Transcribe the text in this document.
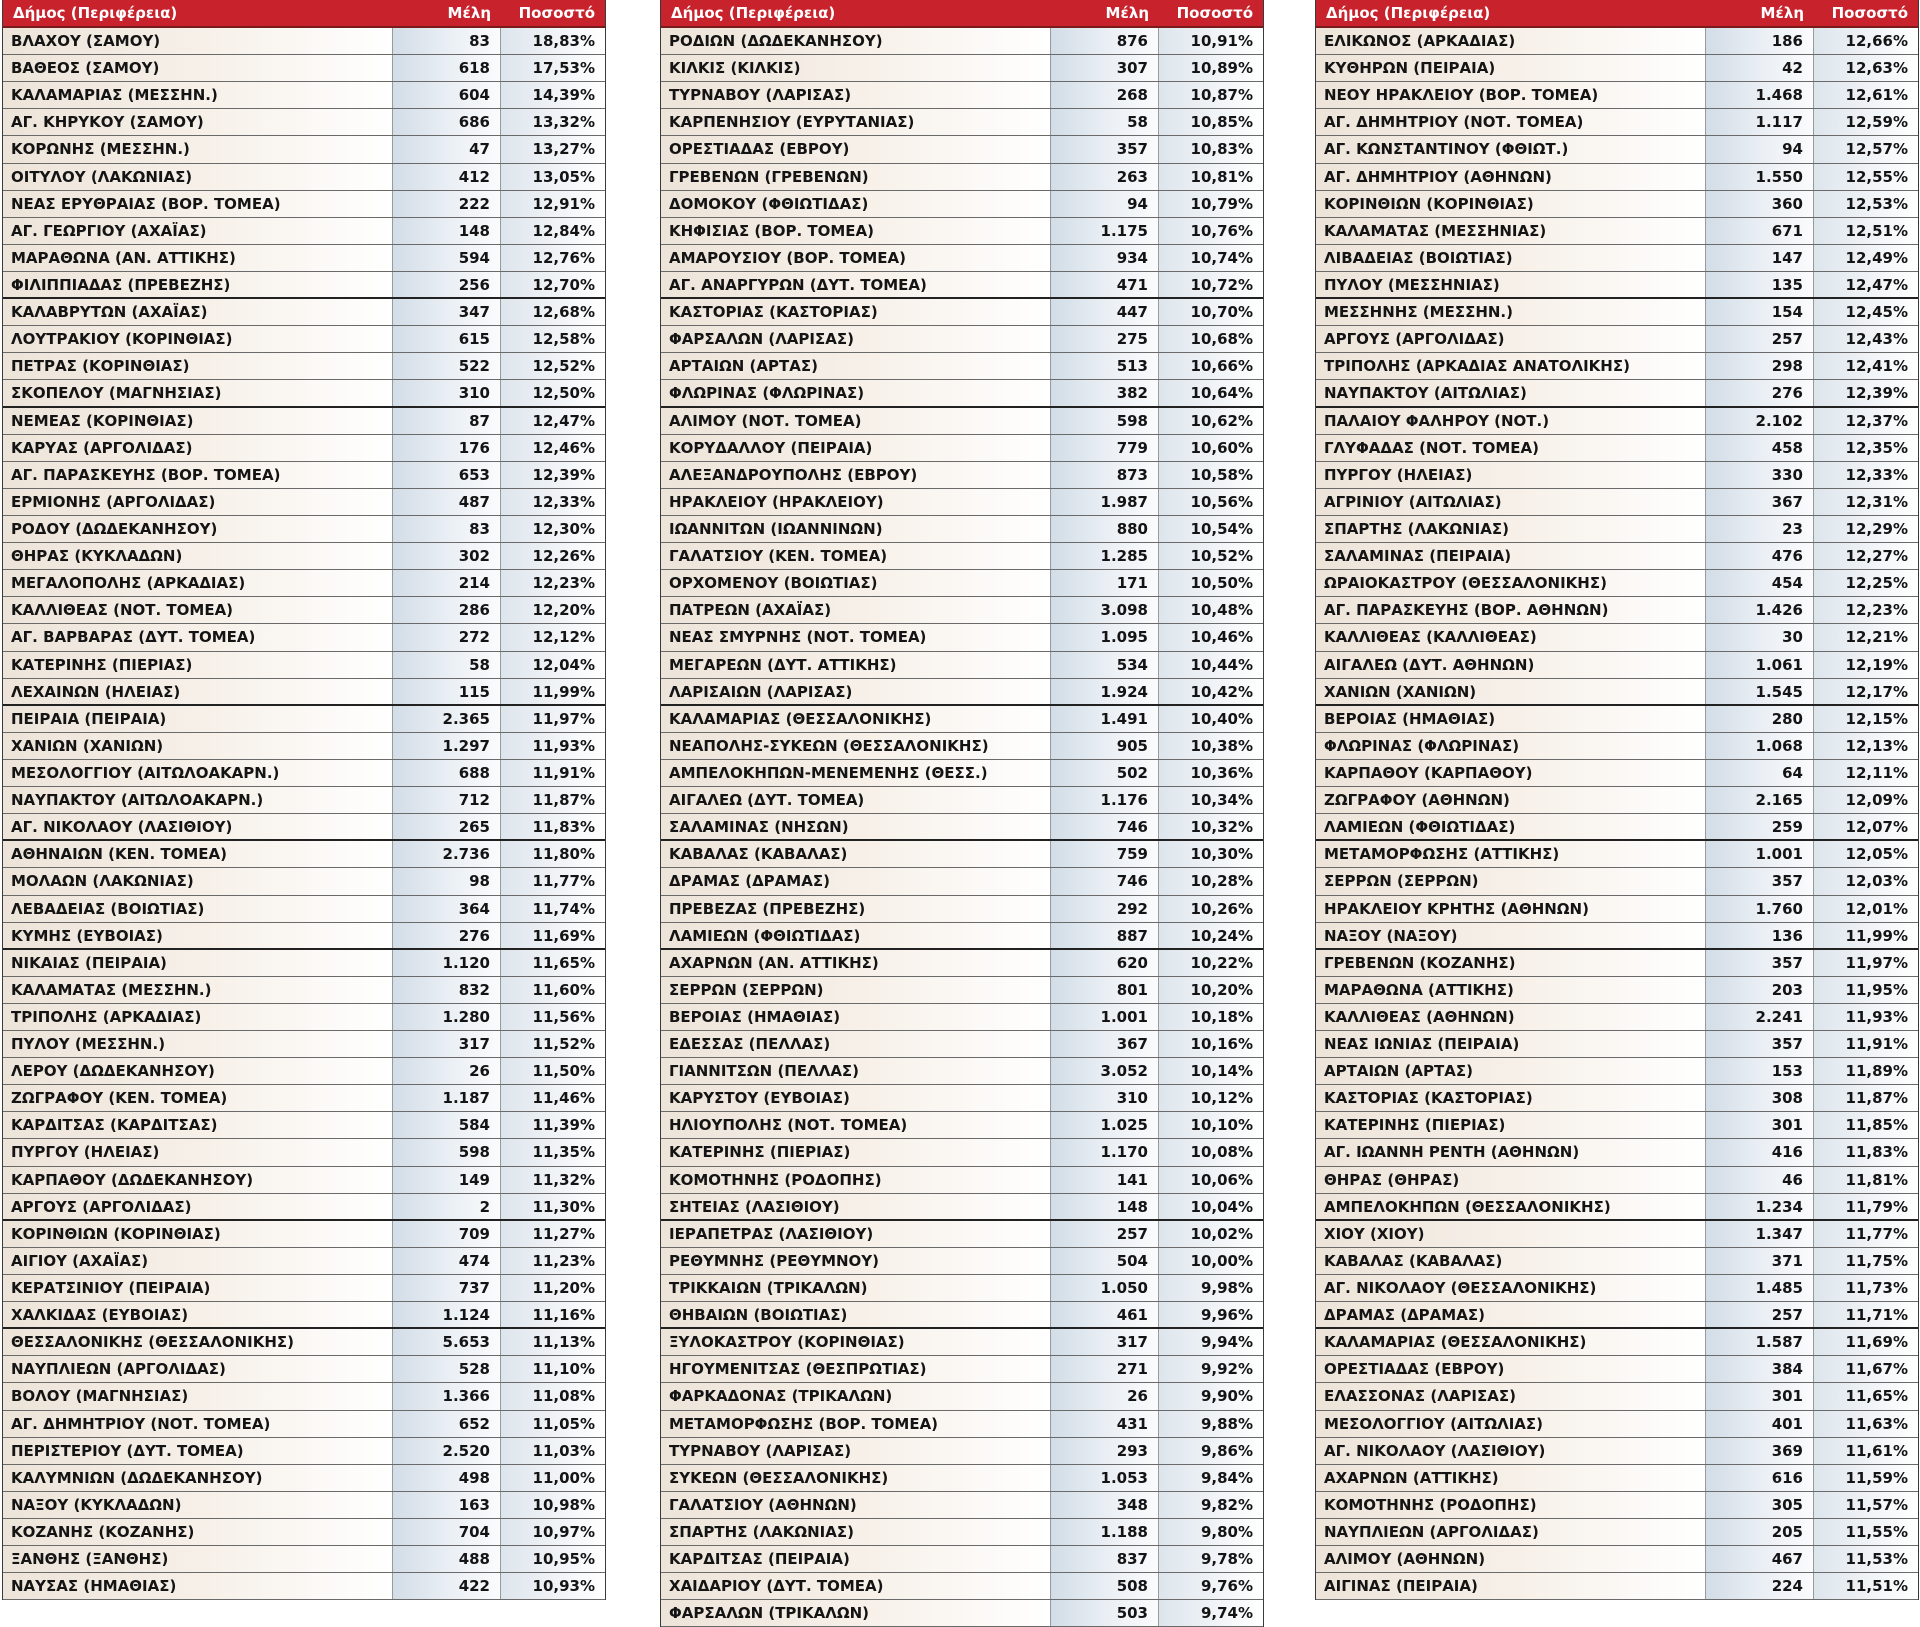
Δήμος (Περιφέρεια)	Μέλη	Ποσοστό
ΒΛΑΧΟΥ (ΣΑΜΟΥ)	83	18,83%
ΒΑΘΕΟΣ (ΣΑΜΟΥ)	618	17,53%
ΚΑΛΑΜΑΡΙΑΣ (ΜΕΣΣΗΝ.)	604	14,39%
ΑΓ. ΚΗΡΥΚΟΥ (ΣΑΜΟΥ)	686	13,32%
ΚΟΡΩΝΗΣ (ΜΕΣΣΗΝ.)	47	13,27%
ΟΙΤΥΛΟΥ (ΛΑΚΩΝΙΑΣ)	412	13,05%
ΝΕΑΣ ΕΡΥΘΡΑΙΑΣ (ΒΟΡ. ΤΟΜΕΑ)	222	12,91%
ΑΓ. ΓΕΩΡΓΙΟΥ (ΑΧΑΪΑΣ)	148	12,84%
ΜΑΡΑΘΩΝΑ (ΑΝ. ΑΤΤΙΚΗΣ)	594	12,76%
ΦΙΛΙΠΠΙΑΔΑΣ (ΠΡΕΒΕΖΗΣ)	256	12,70%
ΚΑΛΑΒΡΥΤΩΝ (ΑΧΑΪΑΣ)	347	12,68%
ΛΟΥΤΡΑΚΙΟΥ (ΚΟΡΙΝΘΙΑΣ)	615	12,58%
ΠΕΤΡΑΣ (ΚΟΡΙΝΘΙΑΣ)	522	12,52%
ΣΚΟΠΕΛΟΥ (ΜΑΓΝΗΣΙΑΣ)	310	12,50%
ΝΕΜΕΑΣ (ΚΟΡΙΝΘΙΑΣ)	87	12,47%
ΚΑΡΥΑΣ (ΑΡΓΟΛΙΔΑΣ)	176	12,46%
ΑΓ. ΠΑΡΑΣΚΕΥΗΣ (ΒΟΡ. ΤΟΜΕΑ)	653	12,39%
ΕΡΜΙΟΝΗΣ (ΑΡΓΟΛΙΔΑΣ)	487	12,33%
ΡΟΔΟΥ (ΔΩΔΕΚΑΝΗΣΟΥ)	83	12,30%
ΘΗΡΑΣ (ΚΥΚΛΑΔΩΝ)	302	12,26%
ΜΕΓΑΛΟΠΟΛΗΣ (ΑΡΚΑΔΙΑΣ)	214	12,23%
ΚΑΛΛΙΘΕΑΣ (ΝΟΤ. ΤΟΜΕΑ)	286	12,20%
ΑΓ. ΒΑΡΒΑΡΑΣ (ΔΥΤ. ΤΟΜΕΑ)	272	12,12%
ΚΑΤΕΡΙΝΗΣ (ΠΙΕΡΙΑΣ)	58	12,04%
ΛΕΧΑΙΝΩΝ (ΗΛΕΙΑΣ)	115	11,99%
ΠΕΙΡΑΙΑ (ΠΕΙΡΑΙΑ)	2.365	11,97%
ΧΑΝΙΩΝ (ΧΑΝΙΩΝ)	1.297	11,93%
ΜΕΣΟΛΟΓΓΙΟΥ (ΑΙΤΩΛΟΑΚΑΡΝ.)	688	11,91%
ΝΑΥΠΑΚΤΟΥ (ΑΙΤΩΛΟΑΚΑΡΝ.)	712	11,87%
ΑΓ. ΝΙΚΟΛΑΟΥ (ΛΑΣΙΘΙΟΥ)	265	11,83%
ΑΘΗΝΑΙΩΝ (ΚΕΝ. ΤΟΜΕΑ)	2.736	11,80%
ΜΟΛΑΩΝ (ΛΑΚΩΝΙΑΣ)	98	11,77%
ΛΕΒΑΔΕΙΑΣ (ΒΟΙΩΤΙΑΣ)	364	11,74%
ΚΥΜΗΣ (ΕΥΒΟΙΑΣ)	276	11,69%
ΝΙΚΑΙΑΣ (ΠΕΙΡΑΙΑ)	1.120	11,65%
ΚΑΛΑΜΑΤΑΣ (ΜΕΣΣΗΝ.)	832	11,60%
ΤΡΙΠΟΛΗΣ (ΑΡΚΑΔΙΑΣ)	1.280	11,56%
ΠΥΛΟΥ (ΜΕΣΣΗΝ.)	317	11,52%
ΛΕΡΟΥ (ΔΩΔΕΚΑΝΗΣΟΥ)	26	11,50%
ΖΩΓΡΑΦΟΥ (ΚΕΝ. ΤΟΜΕΑ)	1.187	11,46%
ΚΑΡΔΙΤΣΑΣ (ΚΑΡΔΙΤΣΑΣ)	584	11,39%
ΠΥΡΓΟΥ (ΗΛΕΙΑΣ)	598	11,35%
ΚΑΡΠΑΘΟΥ (ΔΩΔΕΚΑΝΗΣΟΥ)	149	11,32%
ΑΡΓΟΥΣ (ΑΡΓΟΛΙΔΑΣ)	2	11,30%
ΚΟΡΙΝΘΙΩΝ (ΚΟΡΙΝΘΙΑΣ)	709	11,27%
ΑΙΓΙΟΥ (ΑΧΑΪΑΣ)	474	11,23%
ΚΕΡΑΤΣΙΝΙΟΥ (ΠΕΙΡΑΙΑ)	737	11,20%
ΧΑΛΚΙΔΑΣ (ΕΥΒΟΙΑΣ)	1.124	11,16%
ΘΕΣΣΑΛΟΝΙΚΗΣ (ΘΕΣΣΑΛΟΝΙΚΗΣ)	5.653	11,13%
ΝΑΥΠΛΙΕΩΝ (ΑΡΓΟΛΙΔΑΣ)	528	11,10%
ΒΟΛΟΥ (ΜΑΓΝΗΣΙΑΣ)	1.366	11,08%
ΑΓ. ΔΗΜΗΤΡΙΟΥ (ΝΟΤ. ΤΟΜΕΑ)	652	11,05%
ΠΕΡΙΣΤΕΡΙΟΥ (ΔΥΤ. ΤΟΜΕΑ)	2.520	11,03%
ΚΑΛΥΜΝΙΩΝ (ΔΩΔΕΚΑΝΗΣΟΥ)	498	11,00%
ΝΑΞΟΥ (ΚΥΚΛΑΔΩΝ)	163	10,98%
ΚΟΖΑΝΗΣ (ΚΟΖΑΝΗΣ)	704	10,97%
ΞΑΝΘΗΣ (ΞΑΝΘΗΣ)	488	10,95%
ΝΑΥΣΑΣ (ΗΜΑΘΙΑΣ)	422	10,93%
Δήμος (Περιφέρεια)	Μέλη	Ποσοστό
ΡΟΔΙΩΝ (ΔΩΔΕΚΑΝΗΣΟΥ)	876	10,91%
ΚΙΛΚΙΣ (ΚΙΛΚΙΣ)	307	10,89%
ΤΥΡΝΑΒΟΥ (ΛΑΡΙΣΑΣ)	268	10,87%
ΚΑΡΠΕΝΗΣΙΟΥ (ΕΥΡΥΤΑΝΙΑΣ)	58	10,85%
ΟΡΕΣΤΙΑΔΑΣ (ΕΒΡΟΥ)	357	10,83%
ΓΡΕΒΕΝΩΝ (ΓΡΕΒΕΝΩΝ)	263	10,81%
ΔΟΜΟΚΟΥ (ΦΘΙΩΤΙΔΑΣ)	94	10,79%
ΚΗΦΙΣΙΑΣ (ΒΟΡ. ΤΟΜΕΑ)	1.175	10,76%
ΑΜΑΡΟΥΣΙΟΥ (ΒΟΡ. ΤΟΜΕΑ)	934	10,74%
ΑΓ. ΑΝΑΡΓΥΡΩΝ (ΔΥΤ. ΤΟΜΕΑ)	471	10,72%
ΚΑΣΤΟΡΙΑΣ (ΚΑΣΤΟΡΙΑΣ)	447	10,70%
ΦΑΡΣΑΛΩΝ (ΛΑΡΙΣΑΣ)	275	10,68%
ΑΡΤΑΙΩΝ (ΑΡΤΑΣ)	513	10,66%
ΦΛΩΡΙΝΑΣ (ΦΛΩΡΙΝΑΣ)	382	10,64%
ΑΛΙΜΟΥ (ΝΟΤ. ΤΟΜΕΑ)	598	10,62%
ΚΟΡΥΔΑΛΛΟΥ (ΠΕΙΡΑΙΑ)	779	10,60%
ΑΛΕΞΑΝΔΡΟΥΠΟΛΗΣ (ΕΒΡΟΥ)	873	10,58%
ΗΡΑΚΛΕΙΟΥ (ΗΡΑΚΛΕΙΟΥ)	1.987	10,56%
ΙΩΑΝΝΙΤΩΝ (ΙΩΑΝΝΙΝΩΝ)	880	10,54%
ΓΑΛΑΤΣΙΟΥ (ΚΕΝ. ΤΟΜΕΑ)	1.285	10,52%
ΟΡΧΟΜΕΝΟΥ (ΒΟΙΩΤΙΑΣ)	171	10,50%
ΠΑΤΡΕΩΝ (ΑΧΑΪΑΣ)	3.098	10,48%
ΝΕΑΣ ΣΜΥΡΝΗΣ (ΝΟΤ. ΤΟΜΕΑ)	1.095	10,46%
ΜΕΓΑΡΕΩΝ (ΔΥΤ. ΑΤΤΙΚΗΣ)	534	10,44%
ΛΑΡΙΣΑΙΩΝ (ΛΑΡΙΣΑΣ)	1.924	10,42%
ΚΑΛΑΜΑΡΙΑΣ (ΘΕΣΣΑΛΟΝΙΚΗΣ)	1.491	10,40%
ΝΕΑΠΟΛΗΣ-ΣΥΚΕΩΝ (ΘΕΣΣΑΛΟΝΙΚΗΣ)	905	10,38%
ΑΜΠΕΛΟΚΗΠΩΝ-ΜΕΝΕΜΕΝΗΣ (ΘΕΣΣ.)	502	10,36%
ΑΙΓΑΛΕΩ (ΔΥΤ. ΤΟΜΕΑ)	1.176	10,34%
ΣΑΛΑΜΙΝΑΣ (ΝΗΣΩΝ)	746	10,32%
ΚΑΒΑΛΑΣ (ΚΑΒΑΛΑΣ)	759	10,30%
ΔΡΑΜΑΣ (ΔΡΑΜΑΣ)	746	10,28%
ΠΡΕΒΕΖΑΣ (ΠΡΕΒΕΖΗΣ)	292	10,26%
ΛΑΜΙΕΩΝ (ΦΘΙΩΤΙΔΑΣ)	887	10,24%
ΑΧΑΡΝΩΝ (ΑΝ. ΑΤΤΙΚΗΣ)	620	10,22%
ΣΕΡΡΩΝ (ΣΕΡΡΩΝ)	801	10,20%
ΒΕΡΟΙΑΣ (ΗΜΑΘΙΑΣ)	1.001	10,18%
ΕΔΕΣΣΑΣ (ΠΕΛΛΑΣ)	367	10,16%
ΓΙΑΝΝΙΤΣΩΝ (ΠΕΛΛΑΣ)	3.052	10,14%
ΚΑΡΥΣΤΟΥ (ΕΥΒΟΙΑΣ)	310	10,12%
ΗΛΙΟΥΠΟΛΗΣ (ΝΟΤ. ΤΟΜΕΑ)	1.025	10,10%
ΚΑΤΕΡΙΝΗΣ (ΠΙΕΡΙΑΣ)	1.170	10,08%
ΚΟΜΟΤΗΝΗΣ (ΡΟΔΟΠΗΣ)	141	10,06%
ΣΗΤΕΙΑΣ (ΛΑΣΙΘΙΟΥ)	148	10,04%
ΙΕΡΑΠΕΤΡΑΣ (ΛΑΣΙΘΙΟΥ)	257	10,02%
ΡΕΘΥΜΝΗΣ (ΡΕΘΥΜΝΟΥ)	504	10,00%
ΤΡΙΚΚΑΙΩΝ (ΤΡΙΚΑΛΩΝ)	1.050	9,98%
ΘΗΒΑΙΩΝ (ΒΟΙΩΤΙΑΣ)	461	9,96%
ΞΥΛΟΚΑΣΤΡΟΥ (ΚΟΡΙΝΘΙΑΣ)	317	9,94%
ΗΓΟΥΜΕΝΙΤΣΑΣ (ΘΕΣΠΡΩΤΙΑΣ)	271	9,92%
ΦΑΡΚΑΔΟΝΑΣ (ΤΡΙΚΑΛΩΝ)	26	9,90%
ΜΕΤΑΜΟΡΦΩΣΗΣ (ΒΟΡ. ΤΟΜΕΑ)	431	9,88%
ΤΥΡΝΑΒΟΥ (ΛΑΡΙΣΑΣ)	293	9,86%
ΣΥΚΕΩΝ (ΘΕΣΣΑΛΟΝΙΚΗΣ)	1.053	9,84%
ΓΑΛΑΤΣΙΟΥ (ΑΘΗΝΩΝ)	348	9,82%
ΣΠΑΡΤΗΣ (ΛΑΚΩΝΙΑΣ)	1.188	9,80%
ΚΑΡΔΙΤΣΑΣ (ΠΕΙΡΑΙΑ)	837	9,78%
ΧΑΙΔΑΡΙΟΥ (ΔΥΤ. ΤΟΜΕΑ)	508	9,76%
ΦΑΡΣΑΛΩΝ (ΤΡΙΚΑΛΩΝ)	503	9,74%
Δήμος (Περιφέρεια)	Μέλη	Ποσοστό
ΕΛΙΚΩΝΟΣ (ΑΡΚΑΔΙΑΣ)	186	12,66%
ΚΥΘΗΡΩΝ (ΠΕΙΡΑΙΑ)	42	12,63%
ΝΕΟΥ ΗΡΑΚΛΕΙΟΥ (ΒΟΡ. ΤΟΜΕΑ)	1.468	12,61%
ΑΓ. ΔΗΜΗΤΡΙΟΥ (ΝΟΤ. ΤΟΜΕΑ)	1.117	12,59%
ΑΓ. ΚΩΝΣΤΑΝΤΙΝΟΥ (ΦΘΙΩΤ.)	94	12,57%
ΑΓ. ΔΗΜΗΤΡΙΟΥ (ΑΘΗΝΩΝ)	1.550	12,55%
ΚΟΡΙΝΘΙΩΝ (ΚΟΡΙΝΘΙΑΣ)	360	12,53%
ΚΑΛΑΜΑΤΑΣ (ΜΕΣΣΗΝΙΑΣ)	671	12,51%
ΛΙΒΑΔΕΙΑΣ (ΒΟΙΩΤΙΑΣ)	147	12,49%
ΠΥΛΟΥ (ΜΕΣΣΗΝΙΑΣ)	135	12,47%
ΜΕΣΣΗΝΗΣ (ΜΕΣΣΗΝ.)	154	12,45%
ΑΡΓΟΥΣ (ΑΡΓΟΛΙΔΑΣ)	257	12,43%
ΤΡΙΠΟΛΗΣ (ΑΡΚΑΔΙΑΣ ΑΝΑΤΟΛΙΚΗΣ)	298	12,41%
ΝΑΥΠΑΚΤΟΥ (ΑΙΤΩΛΙΑΣ)	276	12,39%
ΠΑΛΑΙΟΥ ΦΑΛΗΡΟΥ (ΝΟΤ.)	2.102	12,37%
ΓΛΥΦΑΔΑΣ (ΝΟΤ. ΤΟΜΕΑ)	458	12,35%
ΠΥΡΓΟΥ (ΗΛΕΙΑΣ)	330	12,33%
ΑΓΡΙΝΙΟΥ (ΑΙΤΩΛΙΑΣ)	367	12,31%
ΣΠΑΡΤΗΣ (ΛΑΚΩΝΙΑΣ)	23	12,29%
ΣΑΛΑΜΙΝΑΣ (ΠΕΙΡΑΙΑ)	476	12,27%
ΩΡΑΙΟΚΑΣΤΡΟΥ (ΘΕΣΣΑΛΟΝΙΚΗΣ)	454	12,25%
ΑΓ. ΠΑΡΑΣΚΕΥΗΣ (ΒΟΡ. ΑΘΗΝΩΝ)	1.426	12,23%
ΚΑΛΛΙΘΕΑΣ (ΚΑΛΛΙΘΕΑΣ)	30	12,21%
ΑΙΓΑΛΕΩ (ΔΥΤ. ΑΘΗΝΩΝ)	1.061	12,19%
ΧΑΝΙΩΝ (ΧΑΝΙΩΝ)	1.545	12,17%
ΒΕΡΟΙΑΣ (ΗΜΑΘΙΑΣ)	280	12,15%
ΦΛΩΡΙΝΑΣ (ΦΛΩΡΙΝΑΣ)	1.068	12,13%
ΚΑΡΠΑΘΟΥ (ΚΑΡΠΑΘΟΥ)	64	12,11%
ΖΩΓΡΑΦΟΥ (ΑΘΗΝΩΝ)	2.165	12,09%
ΛΑΜΙΕΩΝ (ΦΘΙΩΤΙΔΑΣ)	259	12,07%
ΜΕΤΑΜΟΡΦΩΣΗΣ (ΑΤΤΙΚΗΣ)	1.001	12,05%
ΣΕΡΡΩΝ (ΣΕΡΡΩΝ)	357	12,03%
ΗΡΑΚΛΕΙΟΥ ΚΡΗΤΗΣ (ΑΘΗΝΩΝ)	1.760	12,01%
ΝΑΞΟΥ (ΝΑΞΟΥ)	136	11,99%
ΓΡΕΒΕΝΩΝ (ΚΟΖΑΝΗΣ)	357	11,97%
ΜΑΡΑΘΩΝΑ (ΑΤΤΙΚΗΣ)	203	11,95%
ΚΑΛΛΙΘΕΑΣ (ΑΘΗΝΩΝ)	2.241	11,93%
ΝΕΑΣ ΙΩΝΙΑΣ (ΠΕΙΡΑΙΑ)	357	11,91%
ΑΡΤΑΙΩΝ (ΑΡΤΑΣ)	153	11,89%
ΚΑΣΤΟΡΙΑΣ (ΚΑΣΤΟΡΙΑΣ)	308	11,87%
ΚΑΤΕΡΙΝΗΣ (ΠΙΕΡΙΑΣ)	301	11,85%
ΑΓ. ΙΩΑΝΝΗ ΡΕΝΤΗ (ΑΘΗΝΩΝ)	416	11,83%
ΘΗΡΑΣ (ΘΗΡΑΣ)	46	11,81%
ΑΜΠΕΛΟΚΗΠΩΝ (ΘΕΣΣΑΛΟΝΙΚΗΣ)	1.234	11,79%
ΧΙΟΥ (ΧΙΟΥ)	1.347	11,77%
ΚΑΒΑΛΑΣ (ΚΑΒΑΛΑΣ)	371	11,75%
ΑΓ. ΝΙΚΟΛΑΟΥ (ΘΕΣΣΑΛΟΝΙΚΗΣ)	1.485	11,73%
ΔΡΑΜΑΣ (ΔΡΑΜΑΣ)	257	11,71%
ΚΑΛΑΜΑΡΙΑΣ (ΘΕΣΣΑΛΟΝΙΚΗΣ)	1.587	11,69%
ΟΡΕΣΤΙΑΔΑΣ (ΕΒΡΟΥ)	384	11,67%
ΕΛΑΣΣΟΝΑΣ (ΛΑΡΙΣΑΣ)	301	11,65%
ΜΕΣΟΛΟΓΓΙΟΥ (ΑΙΤΩΛΙΑΣ)	401	11,63%
ΑΓ. ΝΙΚΟΛΑΟΥ (ΛΑΣΙΘΙΟΥ)	369	11,61%
ΑΧΑΡΝΩΝ (ΑΤΤΙΚΗΣ)	616	11,59%
ΚΟΜΟΤΗΝΗΣ (ΡΟΔΟΠΗΣ)	305	11,57%
ΝΑΥΠΛΙΕΩΝ (ΑΡΓΟΛΙΔΑΣ)	205	11,55%
ΑΛΙΜΟΥ (ΑΘΗΝΩΝ)	467	11,53%
ΑΙΓΙΝΑΣ (ΠΕΙΡΑΙΑ)	224	11,51%
